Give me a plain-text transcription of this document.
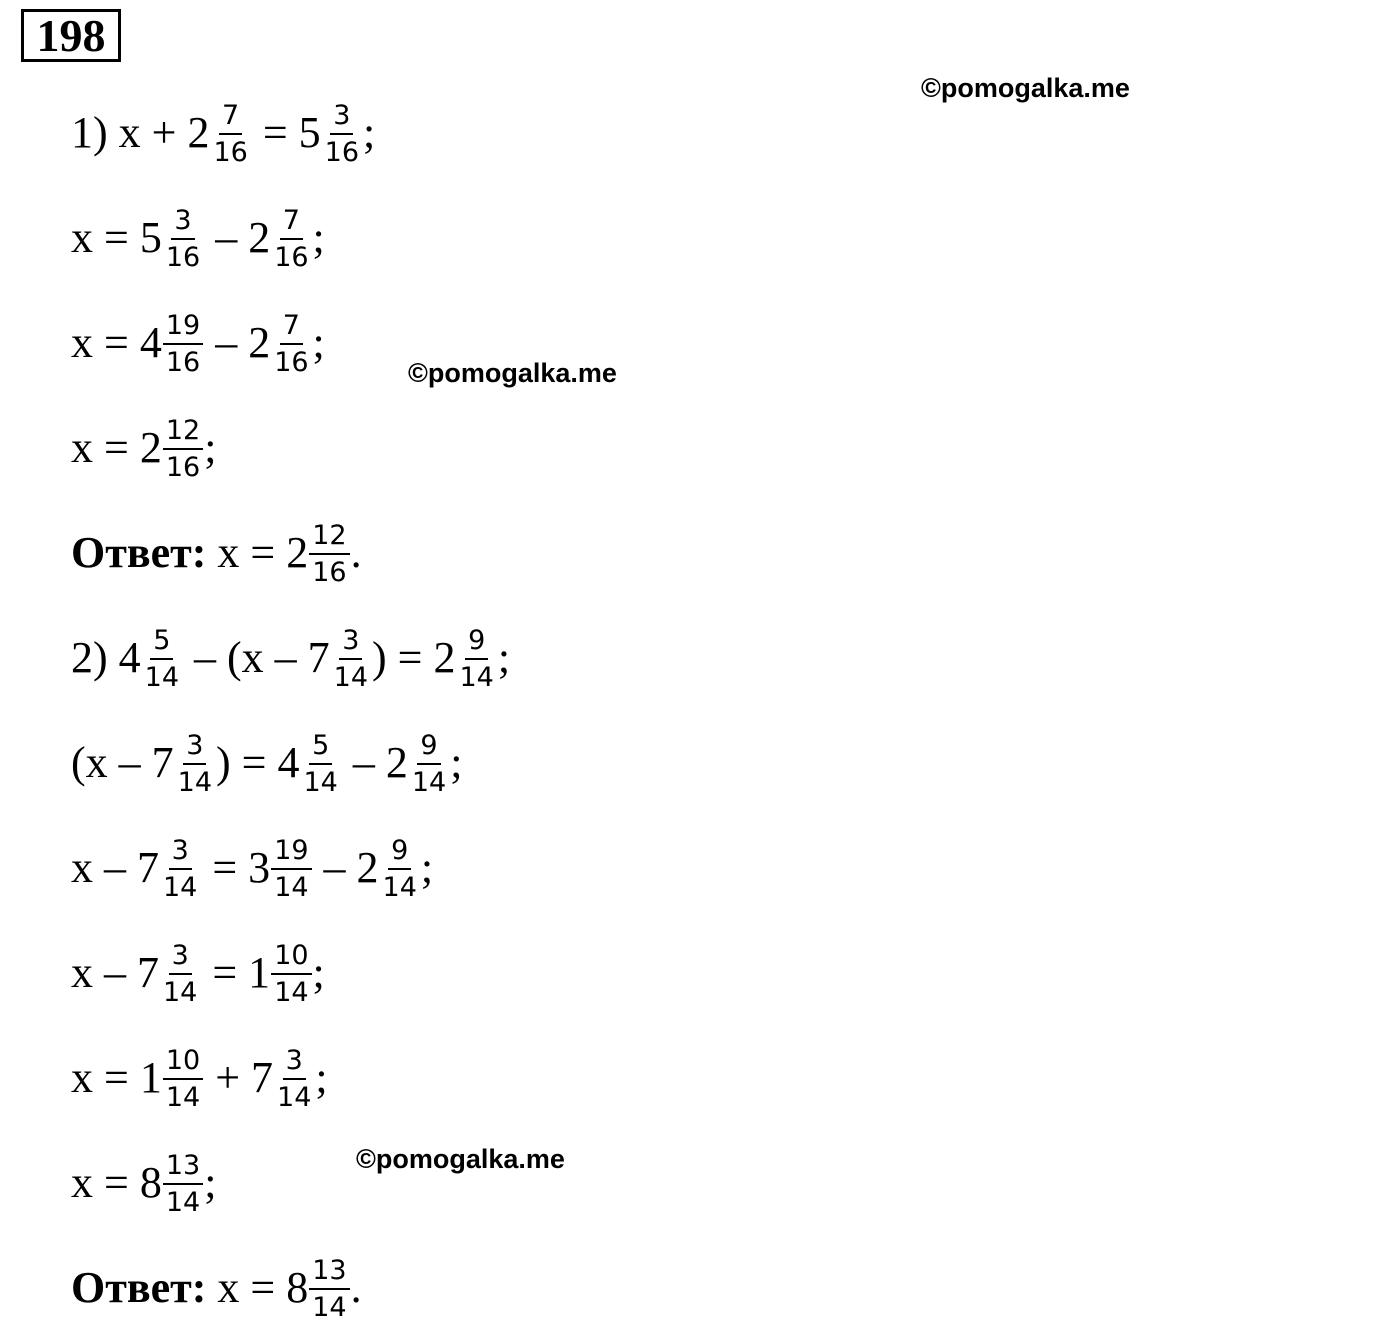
198
©pomogalka.me
©pomogalka.me
©pomogalka.me
1) $x + 2 \frac{7}{16} = 5 \frac{3}{16}$ ;
$x = 5 \frac{3}{16} - 2 \frac{7}{16}$ ;
$x = 4 \frac{19}{16} - 2 \frac{7}{16}$ ;
$x = 2 \frac{12}{16}$ ;
Ответ: $x = 2 \frac{12}{16}$ .
2) $4 \frac{5}{14} - (x - 7 \frac{3}{14}$ ) = $2 \frac{9}{14}$ ;
($x - 7 \frac{3}{14}$ ) = $4 \frac{5}{14} - 2 \frac{9}{14}$ ;
$x - 7 \frac{3}{14} = 3 \frac{19}{14} - 2 \frac{9}{14}$ ;
$x - 7 \frac{3}{14} = 1 \frac{10}{14}$ ;
$x = 1 \frac{10}{14} + 7 \frac{3}{14}$ ;
$x = 8 \frac{13}{14}$ ;
Ответ: $x = 8 \frac{13}{14}$ .
